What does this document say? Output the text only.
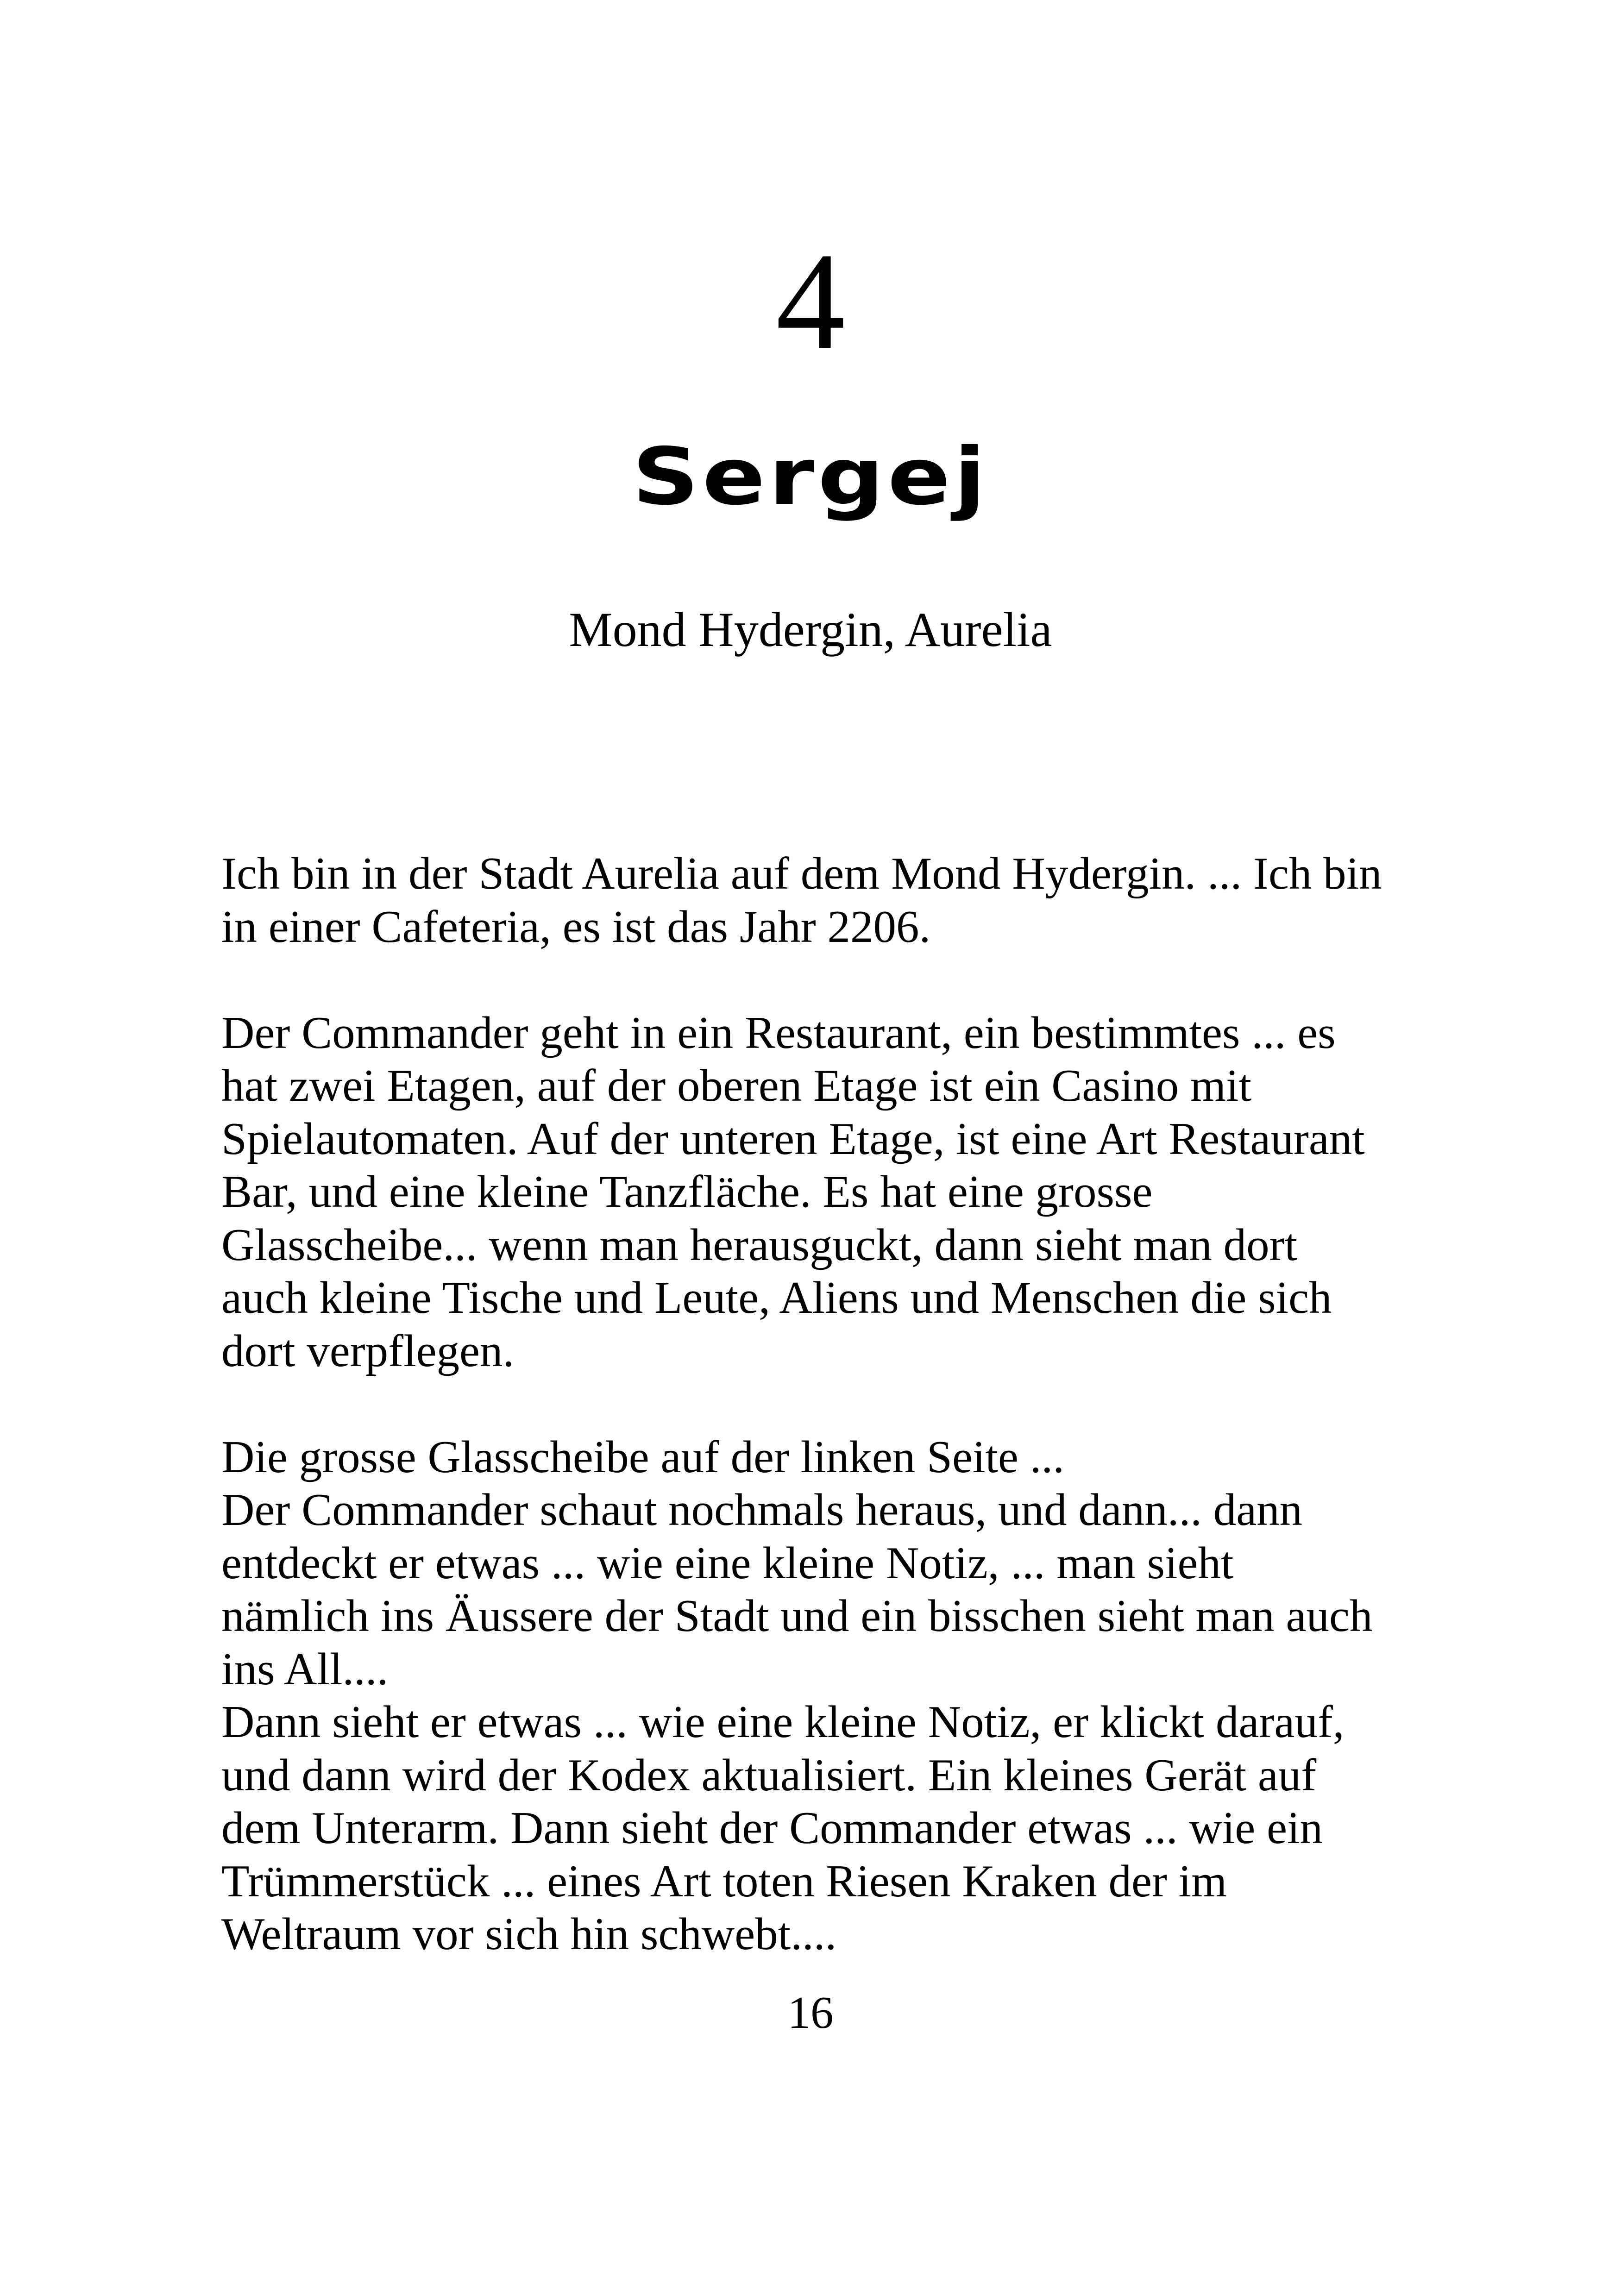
4
Sergej
Mond Hydergin, Aurelia
Ich bin in der Stadt Aurelia auf dem Mond Hydergin. ... Ich bin
in einer Cafeteria, es ist das Jahr 2206.
Der Commander geht in ein Restaurant, ein bestimmtes ... es
hat zwei Etagen, auf der oberen Etage ist ein Casino mit
Spielautomaten. Auf der unteren Etage, ist eine Art Restaurant
Bar, und eine kleine Tanzfläche. Es hat eine grosse
Glasscheibe... wenn man herausguckt, dann sieht man dort
auch kleine Tische und Leute, Aliens und Menschen die sich
dort verpflegen.
Die grosse Glasscheibe auf der linken Seite ...
Der Commander schaut nochmals heraus, und dann... dann
entdeckt er etwas ... wie eine kleine Notiz, ... man sieht
nämlich ins Äussere der Stadt und ein bisschen sieht man auch
ins All....
Dann sieht er etwas ... wie eine kleine Notiz, er klickt darauf,
und dann wird der Kodex aktualisiert. Ein kleines Gerät auf
dem Unterarm. Dann sieht der Commander etwas ... wie ein
Trümmerstück ... eines Art toten Riesen Kraken der im
Weltraum vor sich hin schwebt....
16
